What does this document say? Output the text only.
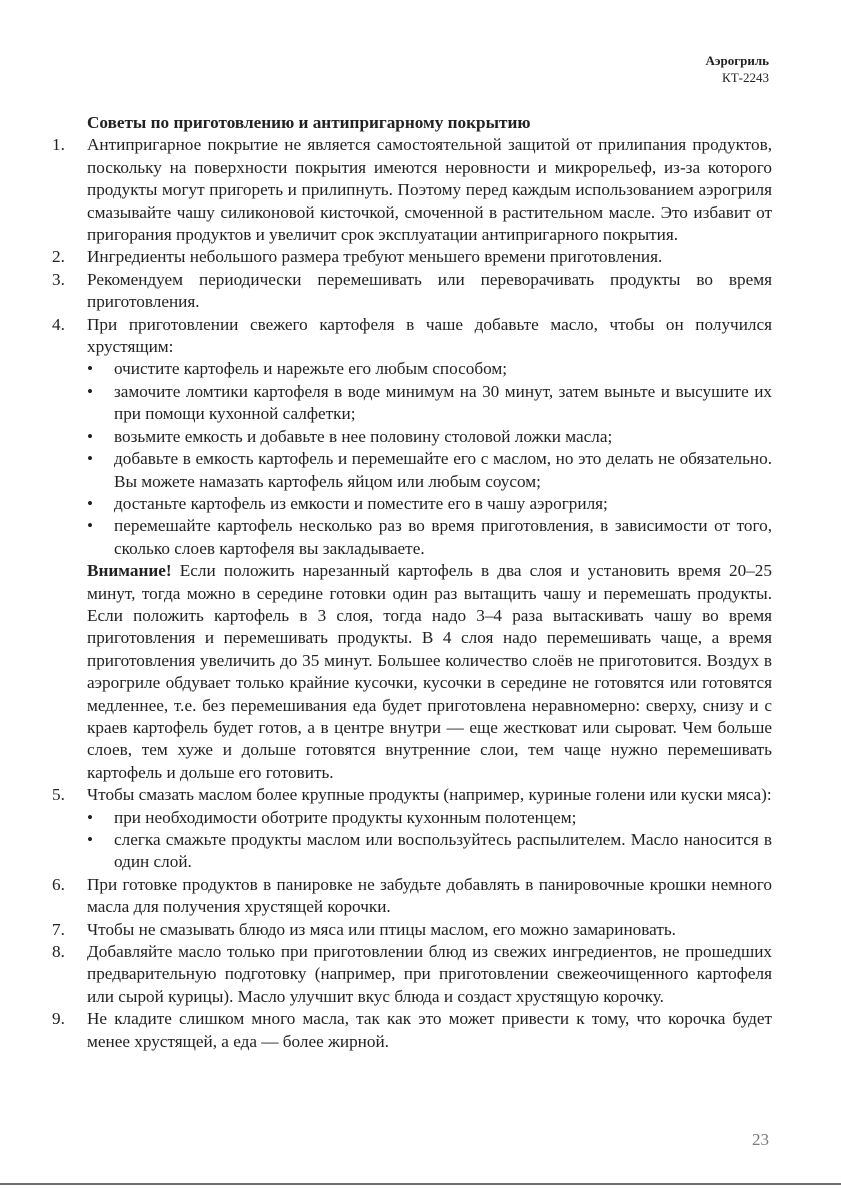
Аэрогриль
КТ-2243
Советы по приготовлению и антипригарному покрытию
1.	Антипригарное покрытие не является самостоятельной защитой от прилипания продуктов, поскольку на поверхности покрытия имеются неровности и микрорельеф, из-за которого продукты могут пригореть и прилипнуть. Поэтому перед каждым использованием аэрогриля смазывайте чашу силиконовой кисточкой, смоченной в растительном масле. Это избавит от пригорания продуктов и увеличит срок эксплуатации антипригарного покрытия.
2.	Ингредиенты небольшого размера требуют меньшего времени приготовления.
3.	Рекомендуем периодически перемешивать или переворачивать продукты во время приготовления.
4.	При приготовлении свежего картофеля в чаше добавьте масло, чтобы он получился хрустящим:
• очистите картофель и нарежьте его любым способом;
• замочите ломтики картофеля в воде минимум на 30 минут, затем выньте и высушите их при помощи кухонной салфетки;
• возьмите емкость и добавьте в нее половину столовой ложки масла;
• добавьте в емкость картофель и перемешайте его с маслом, но это делать не обязательно. Вы можете намазать картофель яйцом или любым соусом;
• достаньте картофель из емкости и поместите его в чашу аэрогриля;
• перемешайте картофель несколько раз во время приготовления, в зависимости от того, сколько слоев картофеля вы закладываете.
Внимание! Если положить нарезанный картофель в два слоя и установить время 20–25 минут, тогда можно в середине готовки один раз вытащить чашу и перемешать продукты. Если положить картофель в 3 слоя, тогда надо 3–4 раза вытаскивать чашу во время приготовления и перемешивать продукты. В 4 слоя надо перемешивать чаще, а время приготовления увеличить до 35 минут. Большее количество слоёв не приготовится. Воздух в аэрогриле обдувает только крайние кусочки, кусочки в середине не готовятся или готовятся медленнее, т.е. без перемешивания еда будет приготовлена неравномерно: сверху, снизу и с краев картофель будет готов, а в центре внутри — еще жестковат или сыроват. Чем больше слоев, тем хуже и дольше готовятся внутренние слои, тем чаще нужно перемешивать картофель и дольше его готовить.
5.	Чтобы смазать маслом более крупные продукты (например, куриные голени или куски мяса):
• при необходимости оботрите продукты кухонным полотенцем;
• слегка смажьте продукты маслом или воспользуйтесь распылителем. Масло наносится в один слой.
6.	При готовке продуктов в панировке не забудьте добавлять в панировочные крошки немного масла для получения хрустящей корочки.
7.	Чтобы не смазывать блюдо из мяса или птицы маслом, его можно замариновать.
8.	Добавляйте масло только при приготовлении блюд из свежих ингредиентов, не прошедших предварительную подготовку (например, при приготовлении свежеочищенного картофеля или сырой курицы). Масло улучшит вкус блюда и создаст хрустящую корочку.
9.	Не кладите слишком много масла, так как это может привести к тому, что корочка будет менее хрустящей, а еда — более жирной.
23
